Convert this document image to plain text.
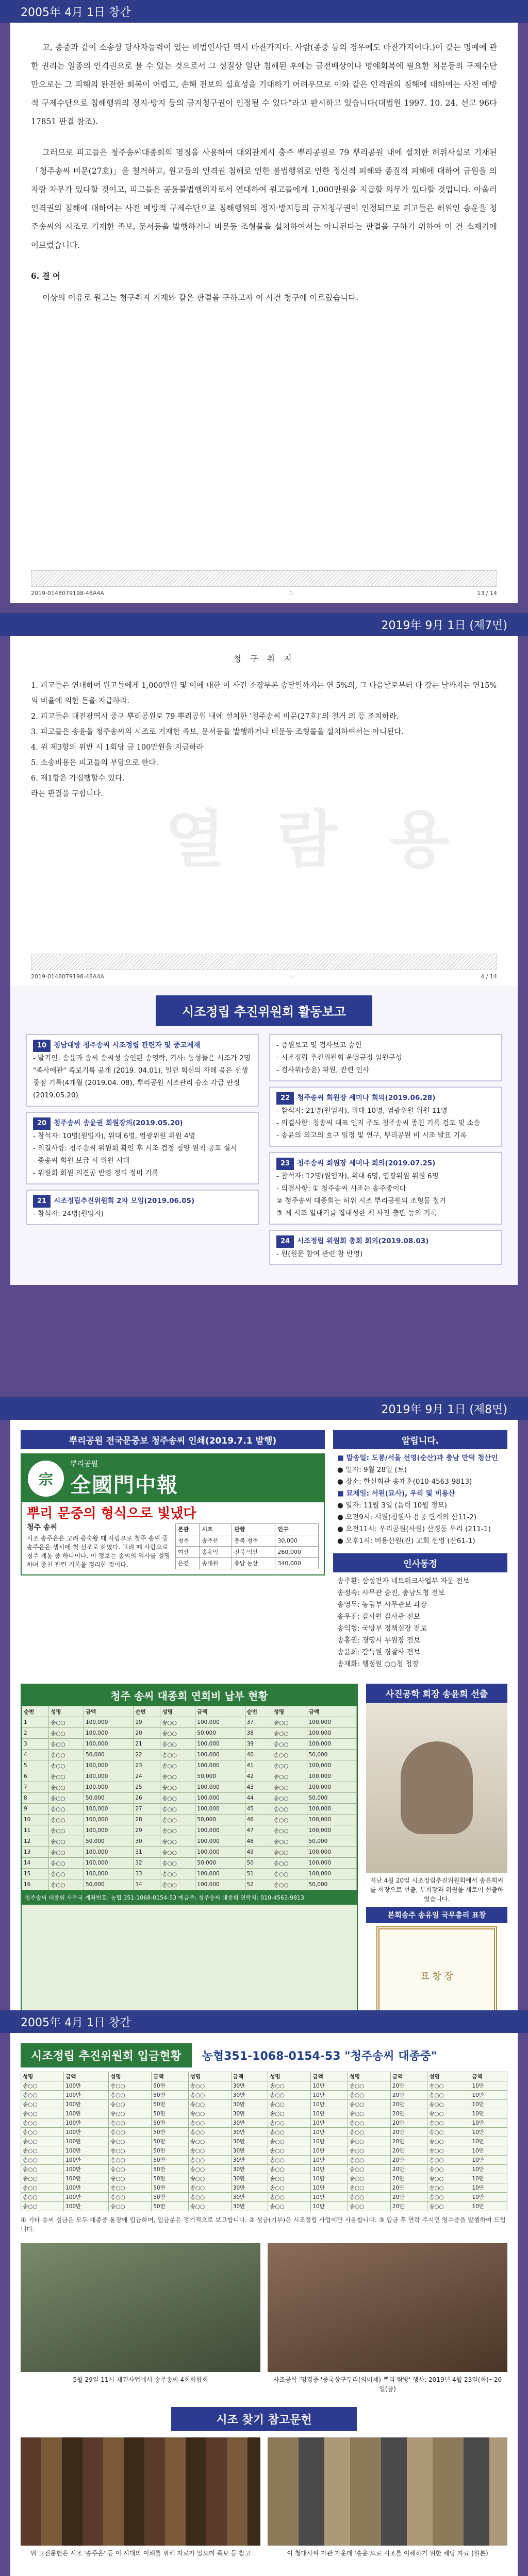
2005年 4月 1日 창간

고, 종중과 같이 소송상 당사자능력이 있는 비법인사단 역시 마찬가지다. 사람(종중 등의 경우에도 마찬가지이다.)이 갖는 명예에 관한 권리는 일종의 인격권으로 볼 수 있는 것으로서 그 성질상 일단 침해된 후에는 금전배상이나 명예회복에 필요한 처분등의 구제수단만으로는 그 피해의 완전한 회복이 어렵고, 손해 전보의 실효성을 기대하기 어려우므로 이와 같은 인격권의 침해에 대하여는 사전 예방적 구제수단으로 침해행위의 정지·방지 등의 금지청구권이 인정될 수 있다”라고 판시하고 있습니다(대법원 1997. 10. 24. 선고 96다17851 판결 참조).

그러므로 피고들은 청주송씨대종회의 명칭을 사용하여 대외관계시 충주 뿌리공원로 79 뿌리공원 내에 설치한 허위사실로 기재된 「청주송씨 비문(27호)」을 철거하고, 원고들의 인격권 침해로 인한 불법행위로 인한 정신적 피해와 종질적 피해에 대하여 금원을 의 자랑 차무가 있다할 것이고, 피고들은 공동불법행위자로서 연대하여 원고들에게 1,000만원을 지급할 의무가 있다할 것입니다. 아울러 인격권의 침해에 대하여는 사전 예방적 구제수단으로 침해행위의 정지·방지등의 금지청구권이 인정되므로 피고들은 허위인 송윤을 청주송씨의 시조로 기재한 족보, 문서등을 발행하거나 비문등 조형물을 설치하여서는 아니된다는 판결을 구하기 위하여 이 건 소제기에 이르렀습니다.

6. 결 어

이상의 이유로 원고는 청구취지 기재와 같은 판결을 구하고자 이 사건 청구에 이르렀습니다.

2019-0148079198-48A4A	▢	13 / 14
2019年 9月 1日 (제7면)
열 람 용
청 구 취 지
1. 피고들은 연대하여 원고들에게 1,000만원 및 이에 대한 이 사건 소장부본 송달일까지는 연 5%의, 그 다음날로부터 다 갚는 날까지는 연15%의 비율에 의한 돈을 지급하라.
2. 피고들은 대전광역시 중구 뿌리공원로 79 뿌리공원 내에 설치한 '청주송씨 비문(27호)'의 철거 의 등 조치하라.
3. 피고들은 송윤을 청주송씨의 시조로 기재한 족보, 문서등을 발행하거나 비문등 조형물을 설치하여서는 아니된다.
4. 위 제3항의 위반 시 1회당 금 100만원을 지급하라
5. 소송비용은 피고들의 부담으로 한다.
6. 제1항은 가집행할수 있다.
라는 판결을 구합니다.
2019-0148079198-48A4A	▢	4 / 14
시조정립 추진위원회 활동보고
10 청남대방 청주송씨 시조정립 관련자 및 중고제재
- 발기인: 송윤과 송씨 송씨성 승인된 송영락, 기사: 동성들은 시조가 2명 "족사에관" 족보기록 공개 (2019. 04.01), 일련 회신의 자해 음은 선생 중점 기록(4개월 (2019.04. 08), 뿌리공원 시조관리 승소 각급 판정(2019.05.20)
20 청주송씨 송윤권 회원장의(2019.05.20)
- 참석자: 10명(원임자), 위대 6명, 염광위원 위원 4명
- 의결사항: 청주송씨 위원회 확인 후 시조 검정 청양 원칙 공포 실시
- 종송씨 회원 보급 시 위원 시대
- 위원회 회원 의견공 반영 정리 정비 기록
21 시조정립추진위원회 2차 모임(2019.06.05)
- 참석자: 24명(원임자)
- 증원보고 및 검사보고 승인
- 시조정립 추진위원회 운영규정 임원구성
- 검사위(송윤) 위원, 관련 인사
22 청주송씨 회원장 세미나 회의(2019.06.28)
- 참석자: 21명(원임자), 위대 10명, 염광위원 위원 11명
- 의결사항: 청송씨 대표 인지 주도 청주송씨 종친 기록 검토 및 소송
- 송윤의 외고의 호구 일정 및 연구, 뿌리공원 비 시조 발표 기록
23 청주송씨 회원장 세미나 회의(2019.07.25)
- 참석자: 12명(원임자), 위대 6명, 염광위원 위원 6명
- 의결사항: ① 청주송씨 시조는 송주중이다
② 청주송씨 대종회는 허위 시조 뿌리공원의 조형물 철거
③ 제 시조 일대기를 집대성한 책 사진 출판 등의 기록
24 시조정립 위원회 총회 회의(2019.08.03)
- 원(원문 참여 관련 참 반영)
2019年 9月 1日 (제8면)
뿌리공원 전국문중보 청주송씨 인쇄(2019.7.1 발행)
宗
뿌리공원
全國門中報
뿌리 문중의 형식으로 빛냈다
청주 송씨
시조 송주은은 고려 충숙왕 때 사람으로 청주 송씨 중 송주은은 생시에 첫 선조로 하였다. 고려 때 사람으로 청주 계통 중 하나이다. 이 정보는 송씨의 역사를 설명하며 종친 관련 기록을 정리한 것이다.
본관	시조	관향	인구
청주	송주은	충북 청주	30,000
여산	송유익	전북 익산	260,000
은진	송대원	충남 논산	340,000
알립니다.
■ 발송일: 도봉/서울 선영(순산)과 충남 만덕 청산인
● 일자: 9월 28일 (토)
● 장소: 한신회관 송재훈(010-4563-9813)
■ 묘제일: 서원(묘사), 우리 및 비용산
● 일자: 11월 3일 (음력 10월 정모)
● 오전9시: 서원(청원사 용공 단계의 산11-2)
● 오전11시: 우리공원(사원) 산경동 우리 (211-1)
● 오후1시: 비용산원(진) 교회 선영 (산61-1)
인사동정
송주환: 삼성전자 네트워크사업부 자문 전보
송정숙: 사무관 승진, 충남도청 전보
송영두: 농림부 사무관보 과장
송우진: 감사원 감사관 전보
송익형: 국방부 정책실장 전보
송홍권: 경영시 부원장 전보
송윤희: 감독원 경찰사 전보
송재화: 행정원 ○○청 청장
청주 송씨 대종회 연회비 납부 현황
순번	성명	금액	순번	성명	금액	순번	성명	금액
1	송○○	100,000	19	송○○	100,000	37	송○○	100,000
2	송○○	100,000	20	송○○	50,000	38	송○○	100,000
3	송○○	100,000	21	송○○	100,000	39	송○○	100,000
4	송○○	50,000	22	송○○	100,000	40	송○○	50,000
5	송○○	100,000	23	송○○	100,000	41	송○○	100,000
6	송○○	100,000	24	송○○	50,000	42	송○○	100,000
7	송○○	100,000	25	송○○	100,000	43	송○○	100,000
8	송○○	50,000	26	송○○	100,000	44	송○○	50,000
9	송○○	100,000	27	송○○	100,000	45	송○○	100,000
10	송○○	100,000	28	송○○	50,000	46	송○○	100,000
11	송○○	100,000	29	송○○	100,000	47	송○○	100,000
12	송○○	50,000	30	송○○	100,000	48	송○○	50,000
13	송○○	100,000	31	송○○	100,000	49	송○○	100,000
14	송○○	100,000	32	송○○	50,000	50	송○○	100,000
15	송○○	100,000	33	송○○	100,000	51	송○○	100,000
16	송○○	50,000	34	송○○	100,000	52	송○○	50,000
청주송씨 대종회 사무국 계좌번호: 농협 351-1068-0154-53 예금주: 청주송씨 대종회 연락처: 010-4563-9813
사진공학 회장 송윤희 선출
지난 4월 20일 시조정립추진위원회에서 송윤희씨를 회장으로 선출, 부회장과 위원을 새로이 선출하였습니다.
본회송주 송유일 국무총리 표창
표 창 장
2005年 4月 1日 창간
시조정립 추진위원회 입금현황	농협351-1068-0154-53 "청주송씨 대종중"
성명	금액	성명	금액	성명	금액	성명	금액	성명	금액	성명	금액
송○○	100만	송○○	50만	송○○	30만	송○○	10만	송○○	20만	송○○	10만
송○○	100만	송○○	50만	송○○	30만	송○○	10만	송○○	20만	송○○	10만
송○○	100만	송○○	50만	송○○	30만	송○○	10만	송○○	20만	송○○	10만
송○○	100만	송○○	50만	송○○	30만	송○○	10만	송○○	20만	송○○	10만
송○○	100만	송○○	50만	송○○	30만	송○○	10만	송○○	20만	송○○	10만
송○○	100만	송○○	50만	송○○	30만	송○○	10만	송○○	20만	송○○	10만
송○○	100만	송○○	50만	송○○	30만	송○○	10만	송○○	20만	송○○	10만
송○○	100만	송○○	50만	송○○	30만	송○○	10만	송○○	20만	송○○	10만
송○○	100만	송○○	50만	송○○	30만	송○○	10만	송○○	20만	송○○	10만
송○○	100만	송○○	50만	송○○	30만	송○○	10만	송○○	20만	송○○	10만
송○○	100만	송○○	50만	송○○	30만	송○○	10만	송○○	20만	송○○	10만
송○○	100만	송○○	50만	송○○	30만	송○○	10만	송○○	20만	송○○	10만
송○○	100만	송○○	50만	송○○	30만	송○○	10만	송○○	20만	송○○	10만
송○○	100만	송○○	50만	송○○	30만	송○○	10만	송○○	20만	송○○	10만
① 기타 송씨 성금은 모두 대종중 통장에 입금하며, 입금분은 정기적으로 보고합니다. ② 성금(기부)은 시조정립 사업에만 사용합니다. ③ 입금 후 연락 주시면 영수증을 발행하여 드립니다.
5월 29일 11시 재건사업에서 송주송씨 4회회합회	사조공학 '명경중 '중국상구두리(의미제) 뿌리 탐방' 행사: 2019년 4월 23일(화)~26일(금)
시조 찾기 참고문헌
위 고전문헌은 시조 '송주은' 등 이 시대의 이해를 위해 자료가 있으며 족보 등 참고	이 청대사씨 가관 가운데 '송윤'으로 시조를 이해하기 위한 해당 자료 (원본)
